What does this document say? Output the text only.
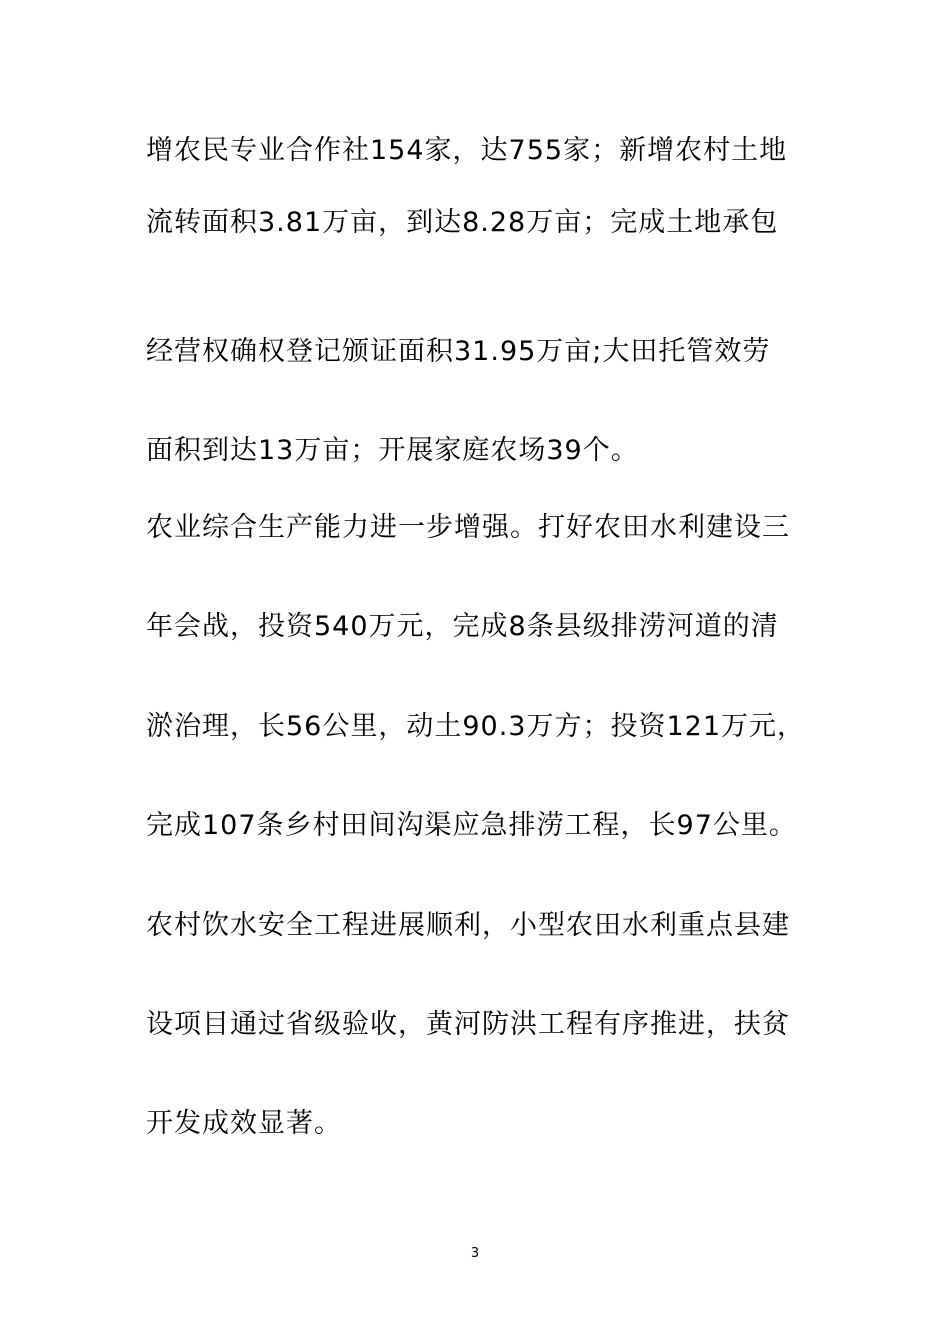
增农民专业合作社154家，达755家；新增农村土地
流转面积3.81万亩，到达8.28万亩；完成土地承包
经营权确权登记颁证面积31.95万亩;大田托管效劳
面积到达13万亩；开展家庭农场39个。
农业综合生产能力进一步增强。打好农田水利建设三
年会战，投资540万元，完成8条县级排涝河道的清
淤治理，长56公里，动土90.3万方；投资121万元，
完成107条乡村田间沟渠应急排涝工程，长97公里。
农村饮水安全工程进展顺利，小型农田水利重点县建
设项目通过省级验收，黄河防洪工程有序推进，扶贫
开发成效显著。
3
